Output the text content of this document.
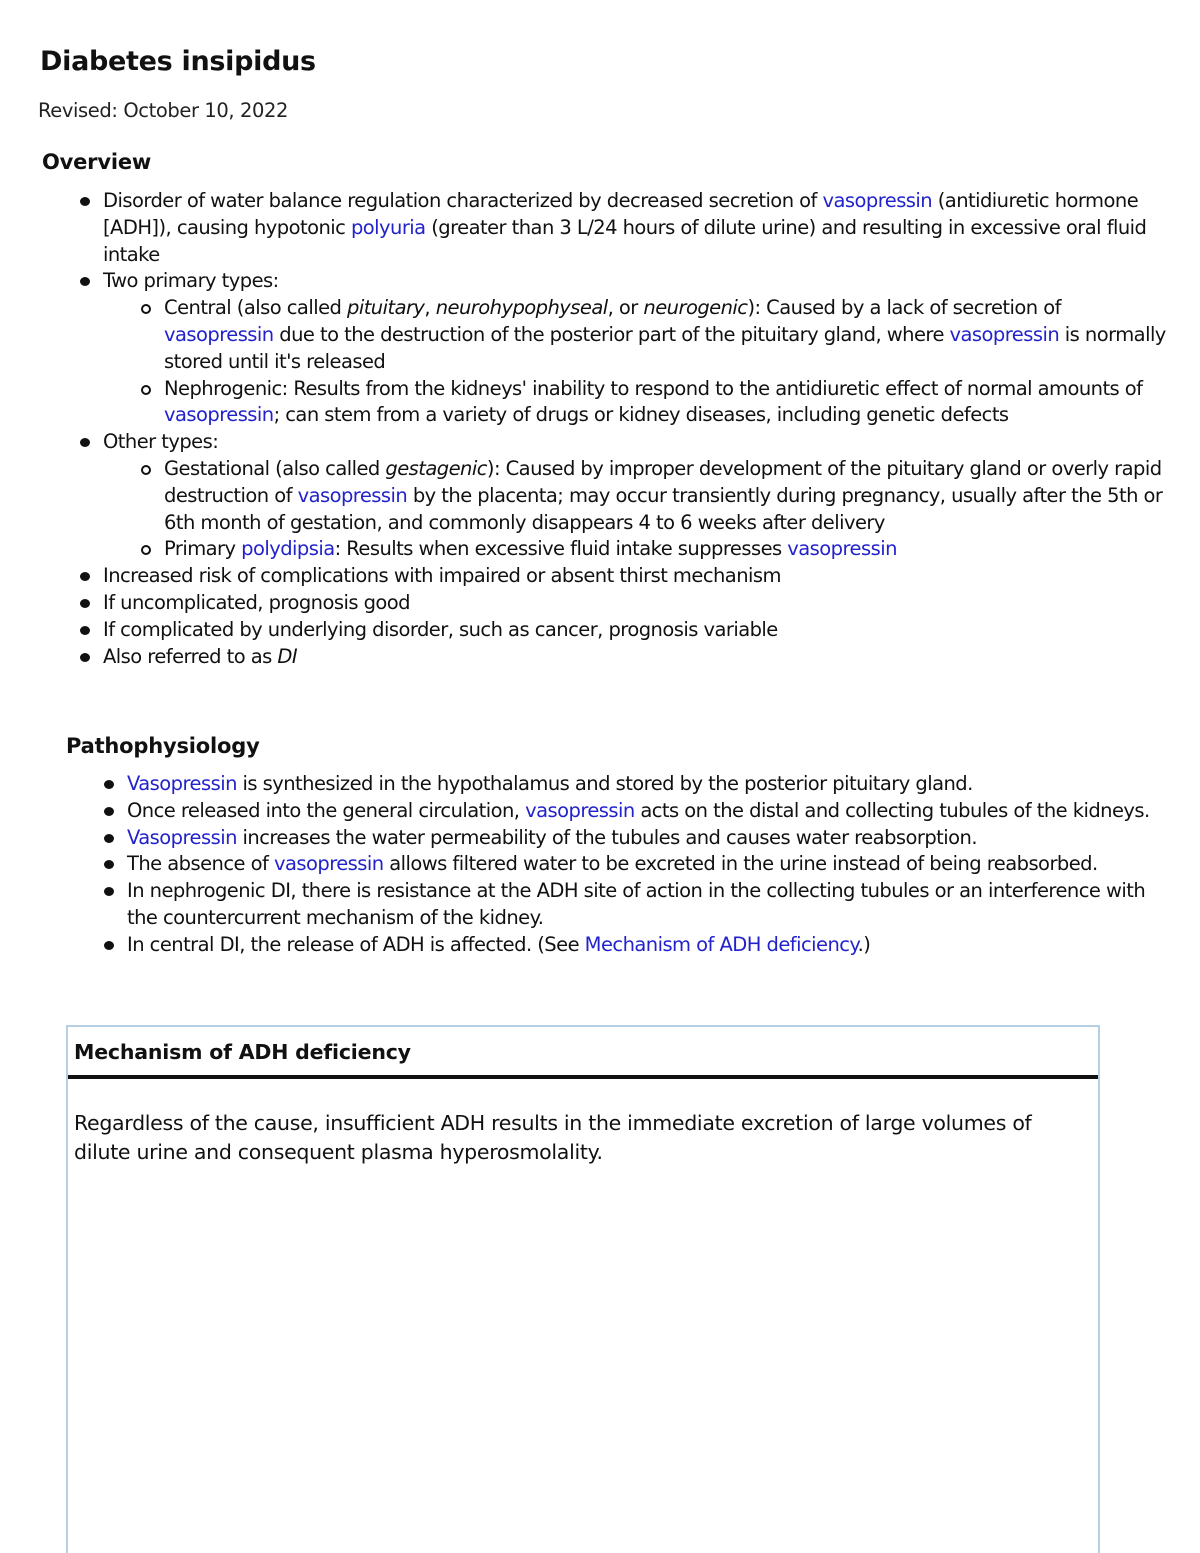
Diabetes insipidus
Revised: October 10, 2022
Overview
Disorder of water balance regulation characterized by decreased secretion of vasopressin (antidiuretic hormone [ADH]), causing hypotonic polyuria (greater than 3 L/24 hours of dilute urine) and resulting in excessive oral fluid intake
Two primary types:
Central (also called pituitary, neurohypophyseal, or neurogenic): Caused by a lack of secretion of vasopressin due to the destruction of the posterior part of the pituitary gland, where vasopressin is normally stored until it's released
Nephrogenic: Results from the kidneys' inability to respond to the antidiuretic effect of normal amounts of vasopressin; can stem from a variety of drugs or kidney diseases, including genetic defects
Other types:
Gestational (also called gestagenic): Caused by improper development of the pituitary gland or overly rapid destruction of vasopressin by the placenta; may occur transiently during pregnancy, usually after the 5th or 6th month of gestation, and commonly disappears 4 to 6 weeks after delivery
Primary polydipsia: Results when excessive fluid intake suppresses vasopressin
Increased risk of complications with impaired or absent thirst mechanism
If uncomplicated, prognosis good
If complicated by underlying disorder, such as cancer, prognosis variable
Also referred to as DI
Pathophysiology
Vasopressin is synthesized in the hypothalamus and stored by the posterior pituitary gland.
Once released into the general circulation, vasopressin acts on the distal and collecting tubules of the kidneys.
Vasopressin increases the water permeability of the tubules and causes water reabsorption.
The absence of vasopressin allows filtered water to be excreted in the urine instead of being reabsorbed.
In nephrogenic DI, there is resistance at the ADH site of action in the collecting tubules or an interference with the countercurrent mechanism of the kidney.
In central DI, the release of ADH is affected. (See Mechanism of ADH deficiency.)
Mechanism of ADH deficiency
Regardless of the cause, insufficient ADH results in the immediate excretion of large volumes of dilute urine and consequent plasma hyperosmolality.
